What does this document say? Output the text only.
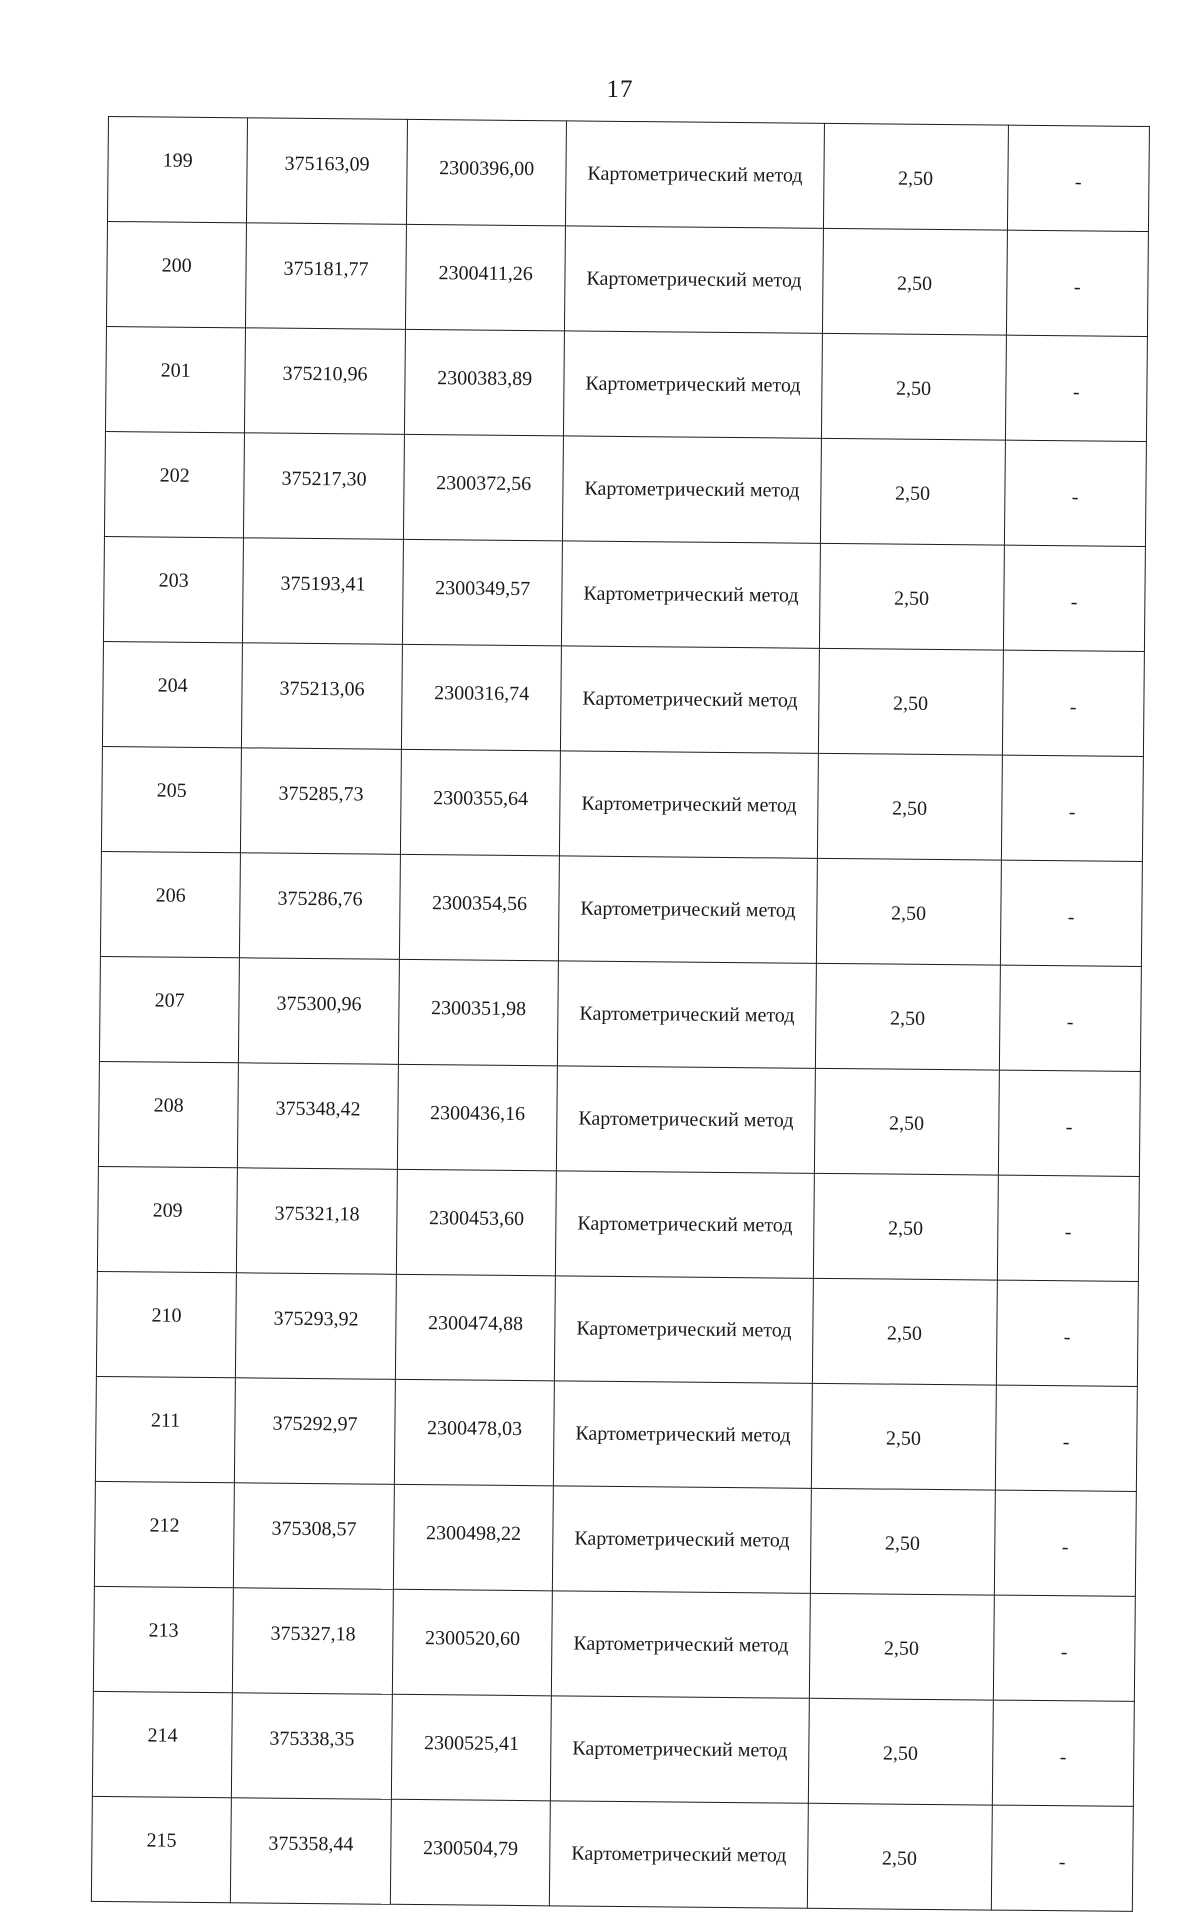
17
199	375163,09	2300396,00	Картометрический метод	2,50	-
200	375181,77	2300411,26	Картометрический метод	2,50	-
201	375210,96	2300383,89	Картометрический метод	2,50	-
202	375217,30	2300372,56	Картометрический метод	2,50	-
203	375193,41	2300349,57	Картометрический метод	2,50	-
204	375213,06	2300316,74	Картометрический метод	2,50	-
205	375285,73	2300355,64	Картометрический метод	2,50	-
206	375286,76	2300354,56	Картометрический метод	2,50	-
207	375300,96	2300351,98	Картометрический метод	2,50	-
208	375348,42	2300436,16	Картометрический метод	2,50	-
209	375321,18	2300453,60	Картометрический метод	2,50	-
210	375293,92	2300474,88	Картометрический метод	2,50	-
211	375292,97	2300478,03	Картометрический метод	2,50	-
212	375308,57	2300498,22	Картометрический метод	2,50	-
213	375327,18	2300520,60	Картометрический метод	2,50	-
214	375338,35	2300525,41	Картометрический метод	2,50	-
215	375358,44	2300504,79	Картометрический метод	2,50	-
